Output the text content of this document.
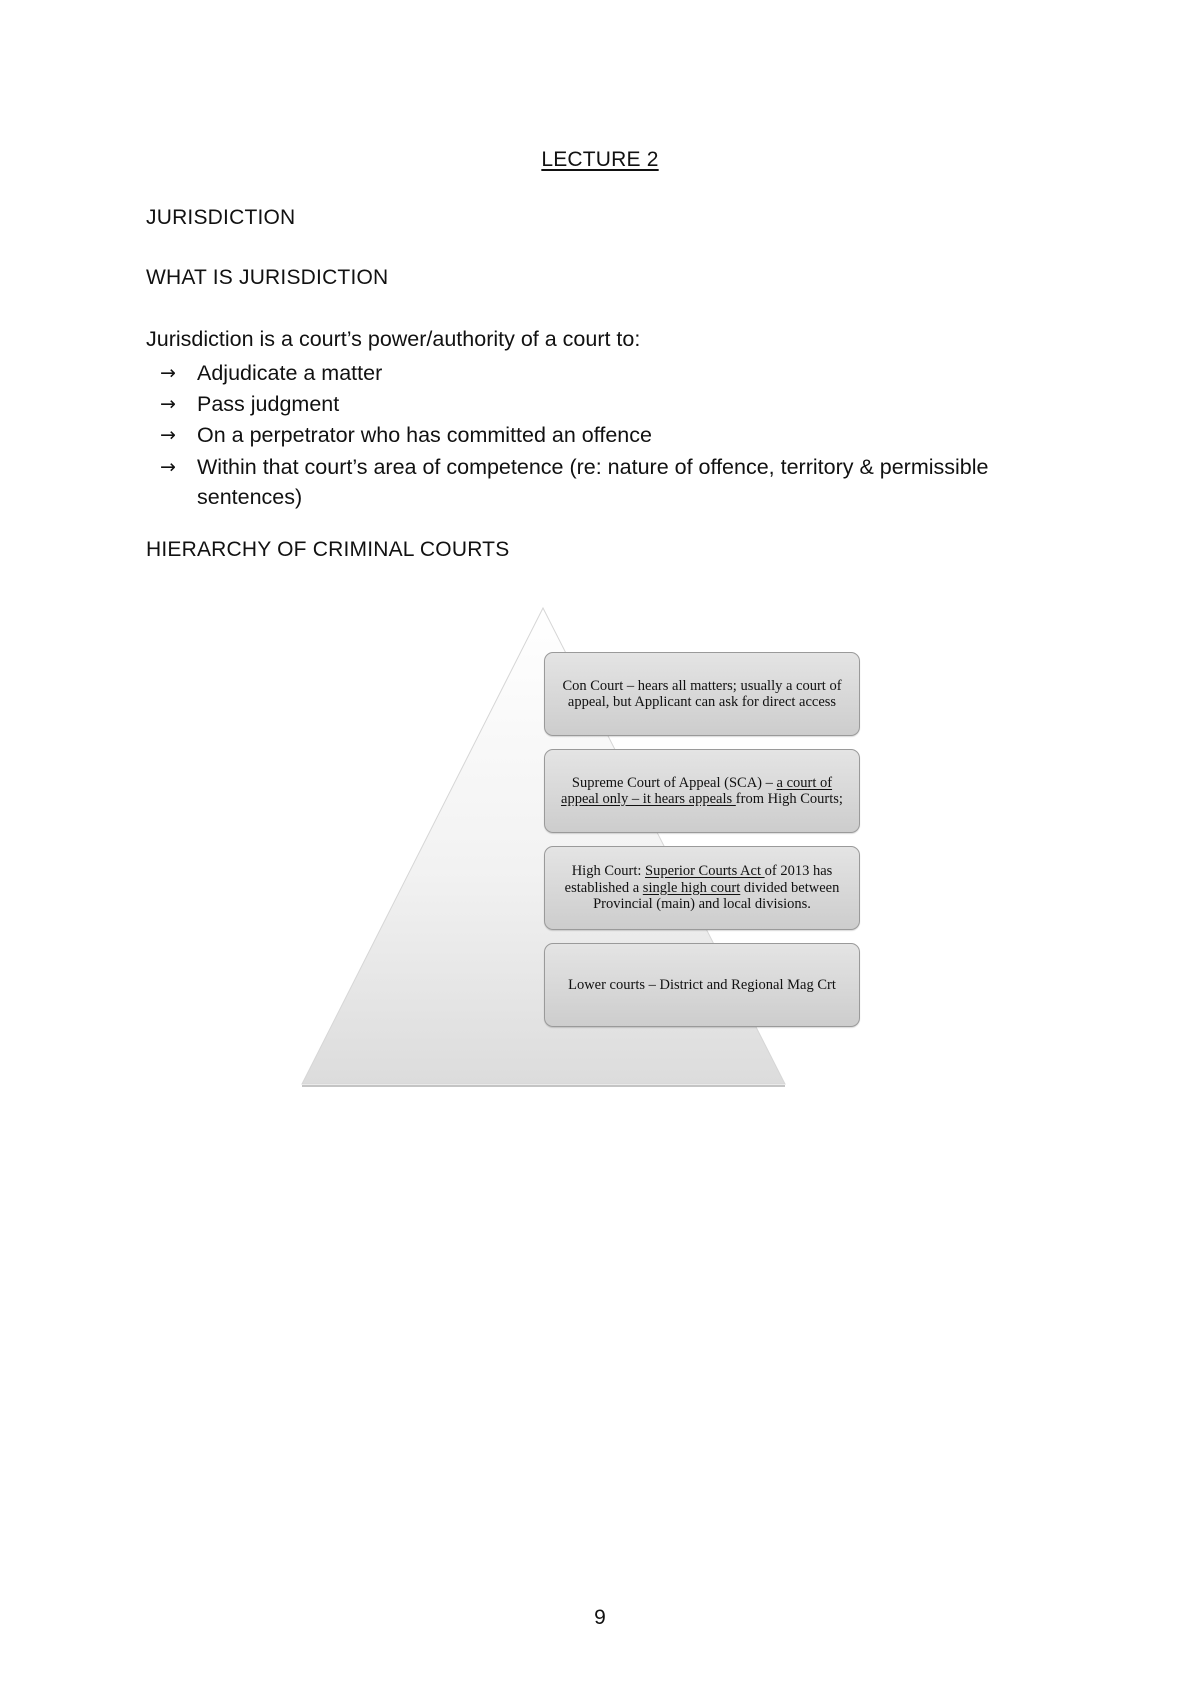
LECTURE 2
JURISDICTION
WHAT IS JURISDICTION
Jurisdiction is a court’s power/authority of a court to:
→ Adjudicate a matter
→ Pass judgment
→ On a perpetrator who has committed an offence
→ Within that court’s area of competence (re: nature of offence, territory & permissible sentences)
HIERARCHY OF CRIMINAL COURTS
Con Court – hears all matters; usually a court of appeal, but Applicant can ask for direct access
Supreme Court of Appeal (SCA) – a court of appeal only – it hears appeals from High Courts;
High Court: Superior Courts Act of 2013 has established a single high court divided between Provincial (main) and local divisions.
Lower courts – District and Regional Mag Crt
9
